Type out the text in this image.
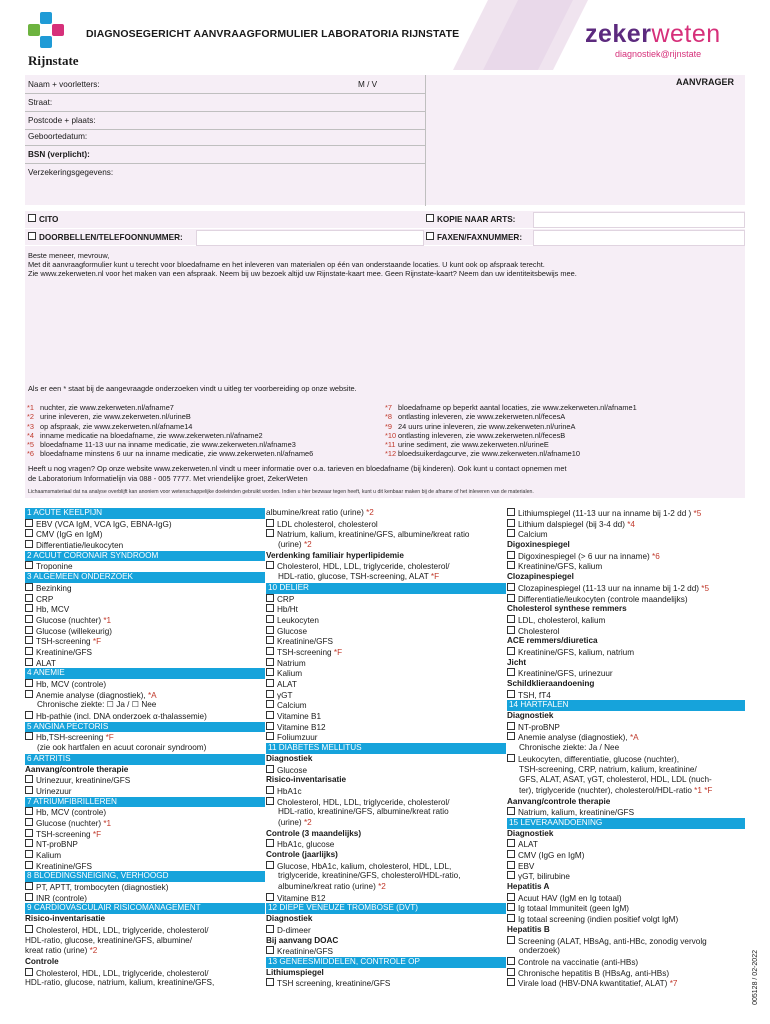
DIAGNOSEGERICHT AANVRAAGFORMULIER LABORATORIA RIJNSTATE
Rijnstate
zekerweten
diagnostiek@rijnstate
Naam + voorletters:	M / V
Straat:
Postcode + plaats:
Geboortedatum:
BSN (verplicht):
Verzekeringsgegevens:
AANVRAGER
CITO	KOPIE NAAR ARTS:
DOORBELLEN/TELEFOONNUMMER:	FAXEN/FAXNUMMER:
Beste meneer, mevrouw,
Met dit aanvraagformulier kunt u terecht voor bloedafname en het inleveren van materialen op één van onderstaande locaties. U kunt ook op afspraak terecht.
Zie www.zekerweten.nl voor het maken van een afspraak. Neem bij uw bezoek altijd uw Rijnstate-kaart mee. Geen Rijnstate-kaart? Neem dan uw identiteitsbewijs mee.
Als er een * staat bij de aangevraagde onderzoeken vindt u uitleg ter voorbereiding op onze website.
*1 nuchter, zie www.zekerweten.nl/afname7
*2 urine inleveren, zie www.zekerweten.nl/urineB
*3 op afspraak, zie www.zekerweten.nl/afname14
*4 inname medicatie na bloedafname, zie www.zekerweten.nl/afname2
*5 bloedafname 11-13 uur na inname medicatie, zie www.zekerweten.nl/afname3
*6 bloedafname minstens 6 uur na inname medicatie, zie www.zekerweten.nl/afname6
*7 bloedafname op beperkt aantal locaties, zie www.zekerweten.nl/afname1
*8 ontlasting inleveren, zie www.zekerweten.nl/fecesA
*9 24 uurs urine inleveren, zie www.zekerweten.nl/urineA
*10 ontlasting inleveren, zie www.zekerweten.nl/fecesB
*11 urine sediment, zie www.zekerweten.nl/urineE
*12 bloedsuikerdagcurve, zie www.zekerweten.nl/afname10
Heeft u nog vragen? Op onze website www.zekerweten.nl vindt u meer informatie over o.a. tarieven en bloedafname (bij kinderen). Ook kunt u contact opnemen met
de Laboratorium Informatielijn via 088 - 005 7777. Met vriendelijke groet, ZekerWeten
Lichaamsmateriaal dat na analyse overblijft kan anoniem voor wetenschappelijke doeleinden gebruikt worden. Indien u hier bezwaar tegen heeft, kunt u dit kenbaar maken bij de afname of het inleveren van de materialen.
1 ACUTE KEELPIJN
EBV (VCA IgM, VCA IgG, EBNA-IgG)
CMV (IgG en IgM)
Differentiatie/leukocyten
2 ACUUT CORONAIR SYNDROOM
Troponine
3 ALGEMEEN ONDERZOEK
Bezinking
CRP
Hb, MCV
Glucose (nuchter) *1
Glucose (willekeurig)
TSH-screening *F
Kreatinine/GFS
ALAT
4 ANEMIE
Hb, MCV (controle)
Anemie analyse (diagnostiek), *A
Chronische ziekte: ☐ Ja / ☐ Nee
Hb-pathie (incl. DNA onderzoek α-thalassemie)
5 ANGINA PECTORIS
Hb,TSH-screening *F
(zie ook hartfalen en acuut coronair syndroom)
6 ARTRITIS
Aanvang/controle therapie
Urinezuur, kreatinine/GFS
Urinezuur
7 ATRIUMFIBRILLEREN
Hb, MCV (controle)
Glucose (nuchter) *1
TSH-screening *F
NT-proBNP
Kalium
Kreatinine/GFS
8 BLOEDINGSNEIGING, VERHOOGD
PT, APTT, trombocyten (diagnostiek)
INR (controle)
9 CARDIOVASCULAIR RISICOMANAGEMENT
Risico-inventarisatie
Cholesterol, HDL, LDL, triglyceride, cholesterol/
HDL-ratio, glucose, kreatinine/GFS, albumine/
kreat ratio (urine) *2
Controle
Cholesterol, HDL, LDL, triglyceride, cholesterol/
HDL-ratio, glucose, natrium, kalium, kreatinine/GFS,
albumine/kreat ratio (urine) *2
LDL cholesterol, cholesterol
Natrium, kalium, kreatinine/GFS, albumine/kreat ratio
(urine) *2
Verdenking familiair hyperlipidemie
Cholesterol, HDL, LDL, triglyceride, cholesterol/
HDL-ratio, glucose, TSH-screening, ALAT *F
10 DELIER
CRP
Hb/Ht
Leukocyten
Glucose
Kreatinine/GFS
TSH-screening *F
Natrium
Kalium
ALAT
γGT
Calcium
Vitamine B1
Vitamine B12
Foliumzuur
11 DIABETES MELLITUS
Diagnostiek
Glucose
Risico-inventarisatie
HbA1c
Cholesterol, HDL, LDL, triglyceride, cholesterol/
HDL-ratio, kreatinine/GFS, albumine/kreat ratio
(urine) *2
Controle (3 maandelijks)
HbA1c, glucose
Controle (jaarlijks)
Glucose, HbA1c, kalium, cholesterol, HDL, LDL,
triglyceride, kreatinine/GFS, cholesterol/HDL-ratio,
albumine/kreat ratio (urine) *2
Vitamine B12
12 DIEPE VENEUZE TROMBOSE (DVT)
Diagnostiek
D-dimeer
Bij aanvang DOAC
Kreatinine/GFS
13 GENEESMIDDELEN, CONTROLE OP
Lithiumspiegel
TSH screening, kreatinine/GFS
Lithiumspiegel (11-13 uur na inname bij 1-2 dd ) *5
Lithium dalspiegel (bij 3-4 dd) *4
Calcium
Digoxinespiegel
Digoxinespiegel (> 6 uur na inname) *6
Kreatinine/GFS, kalium
Clozapinespiegel
Clozapinespiegel (11-13 uur na inname bij 1-2 dd) *5
Differentiatie/leukocyten (controle maandelijks)
Cholesterol synthese remmers
LDL, cholesterol, kalium
Cholesterol
ACE remmers/diuretica
Kreatinine/GFS, kalium, natrium
Jicht
Kreatinine/GFS, urinezuur
Schildklieraandoening
TSH, fT4
14 HARTFALEN
Diagnostiek
NT-proBNP
Anemie analyse (diagnostiek), *A
Chronische ziekte: Ja / Nee
Leukocyten, differentiatie, glucose (nuchter),
TSH-screening, CRP, natrium, kalium, kreatinine/
GFS, ALAT, ASAT, γGT, cholesterol, HDL, LDL (nuch-
ter), triglyceride (nuchter), cholesterol/HDL-ratio *1 *F
Aanvang/controle therapie
Natrium, kalium, kreatinine/GFS
15 LEVERAANDOENING
Diagnostiek
ALAT
CMV (IgG en IgM)
EBV
γGT, bilirubine
Hepatitis A
Acuut HAV (IgM en Ig totaal)
Ig totaal Immuniteit (geen IgM)
Ig totaal screening (indien positief volgt IgM)
Hepatitis B
Screening (ALAT, HBsAg, anti-HBc, zonodig vervolg
onderzoek)
Controle na vaccinatie (anti-HBs)
Chronische hepatitis B (HBsAg, anti-HBs)
Virale load (HBV-DNA kwantitatief, ALAT) *7	005128 / 02-2022
